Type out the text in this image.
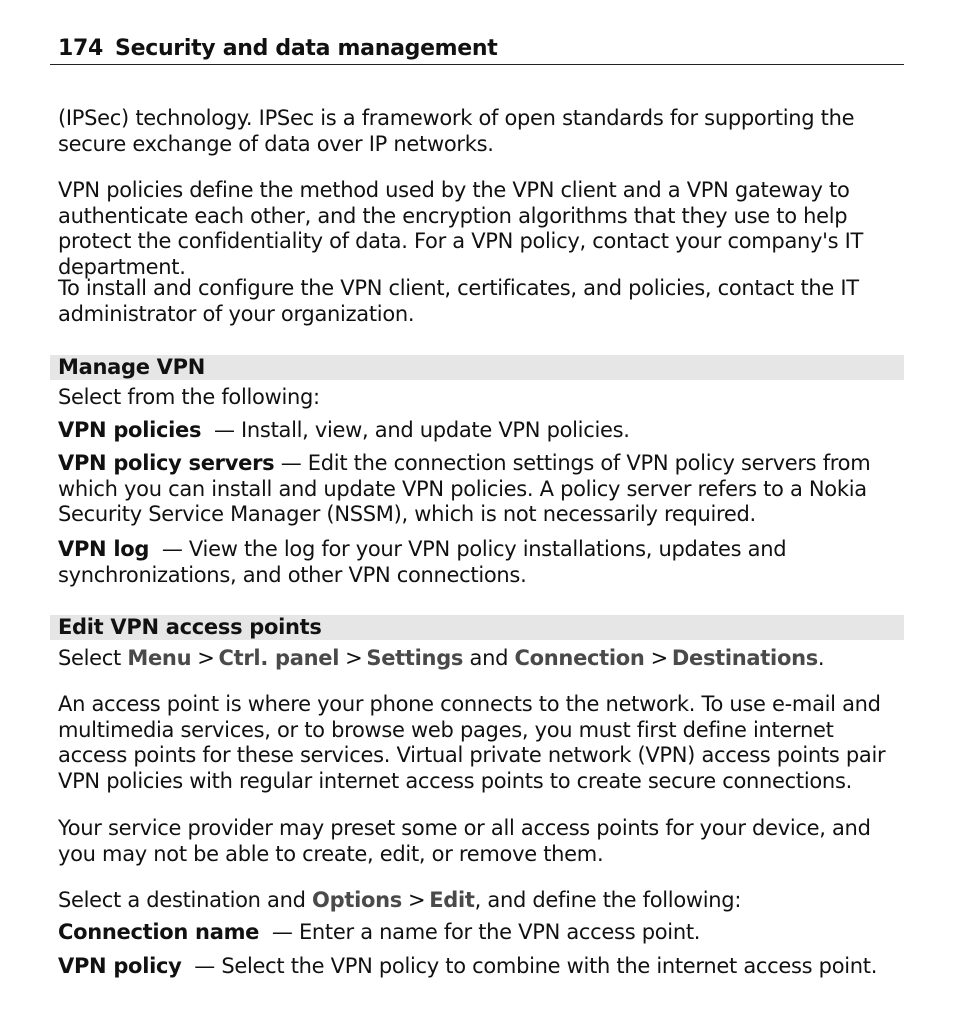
174 Security and data management
(IPSec) technology. IPSec is a framework of open standards for supporting the secure exchange of data over IP networks.
VPN policies define the method used by the VPN client and a VPN gateway to authenticate each other, and the encryption algorithms that they use to help protect the confidentiality of data. For a VPN policy, contact your company's IT department.
To install and configure the VPN client, certificates, and policies, contact the IT administrator of your organization.
Manage VPN
Select from the following:
VPN policies — Install, view, and update VPN policies.
VPN policy servers — Edit the connection settings of VPN policy servers from which you can install and update VPN policies. A policy server refers to a Nokia Security Service Manager (NSSM), which is not necessarily required.
VPN log — View the log for your VPN policy installations, updates and synchronizations, and other VPN connections.
Edit VPN access points
Select Menu > Ctrl. panel > Settings and Connection > Destinations.
An access point is where your phone connects to the network. To use e-mail and multimedia services, or to browse web pages, you must first define internet access points for these services. Virtual private network (VPN) access points pair VPN policies with regular internet access points to create secure connections.
Your service provider may preset some or all access points for your device, and you may not be able to create, edit, or remove them.
Select a destination and Options > Edit, and define the following:
Connection name — Enter a name for the VPN access point.
VPN policy — Select the VPN policy to combine with the internet access point.
